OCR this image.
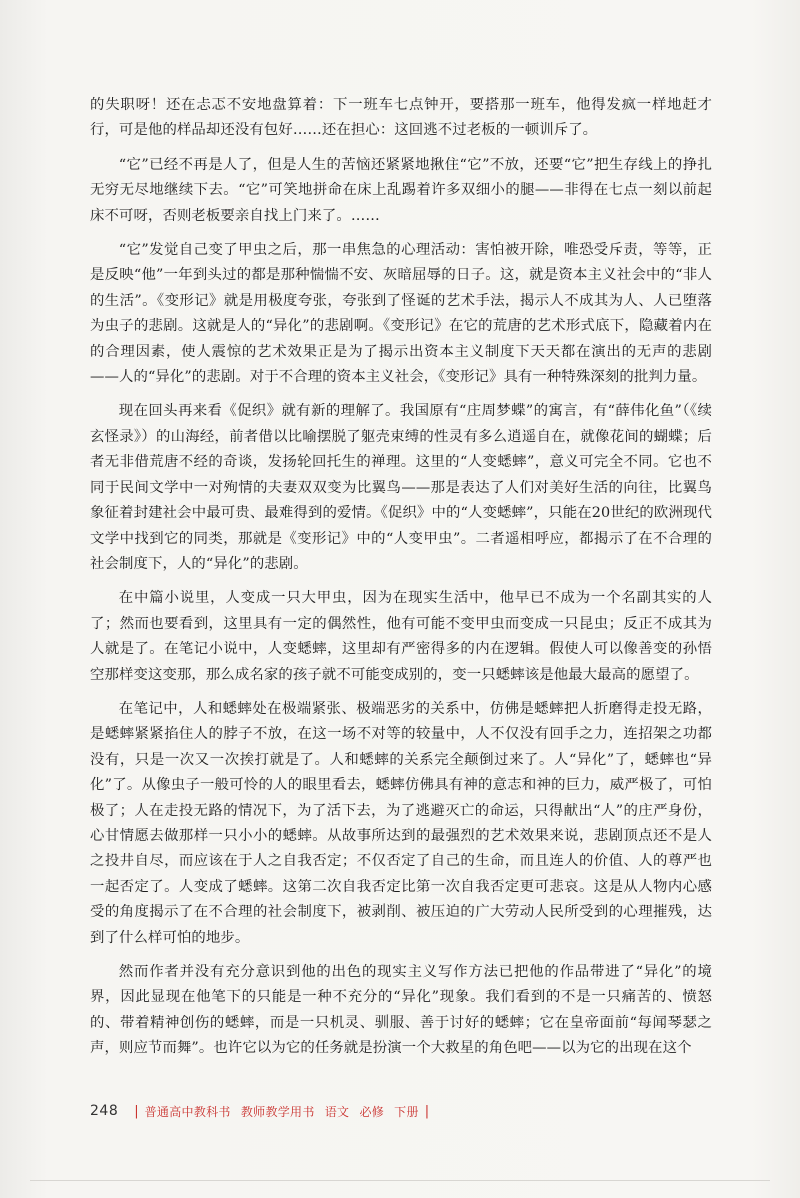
的失职呀！还在忐忑不安地盘算着：下一班车七点钟开，要搭那一班车，他得发疯一样地赶才行，可是他的样品却还没有包好……还在担心：这回逃不过老板的一顿训斥了。

“它”已经不再是人了，但是人生的苦恼还紧紧地揪住“它”不放，还要“它”把生存线上的挣扎无穷无尽地继续下去。“它”可笑地拼命在床上乱踢着许多双细小的腿——非得在七点一刻以前起床不可呀，否则老板要亲自找上门来了。……

“它”发觉自己变了甲虫之后，那一串焦急的心理活动：害怕被开除，唯恐受斥责，等等，正是反映“他”一年到头过的都是那种惴惴不安、灰暗屈辱的日子。这，就是资本主义社会中的“非人的生活”。《变形记》就是用极度夸张，夸张到了怪诞的艺术手法，揭示人不成其为人、人已堕落为虫子的悲剧。这就是人的“异化”的悲剧啊。《变形记》在它的荒唐的艺术形式底下，隐藏着内在的合理因素，使人震惊的艺术效果正是为了揭示出资本主义制度下天天都在演出的无声的悲剧——人的“异化”的悲剧。对于不合理的资本主义社会，《变形记》具有一种特殊深刻的批判力量。

现在回头再来看《促织》就有新的理解了。我国原有“庄周梦蝶”的寓言，有“薛伟化鱼”（《续玄怪录》）的山海经，前者借以比喻摆脱了躯壳束缚的性灵有多么逍遥自在，就像花间的蝴蝶；后者无非借荒唐不经的奇谈，发扬轮回托生的禅理。这里的“人变蟋蟀”，意义可完全不同。它也不同于民间文学中一对殉情的夫妻双双变为比翼鸟——那是表达了人们对美好生活的向往，比翼鸟象征着封建社会中最可贵、最难得到的爱情。《促织》中的“人变蟋蟀”，只能在20世纪的欧洲现代文学中找到它的同类，那就是《变形记》中的“人变甲虫”。二者遥相呼应，都揭示了在不合理的社会制度下，人的“异化”的悲剧。

在中篇小说里，人变成一只大甲虫，因为在现实生活中，他早已不成为一个名副其实的人了；然而也要看到，这里具有一定的偶然性，他有可能不变甲虫而变成一只昆虫；反正不成其为人就是了。在笔记小说中，人变蟋蟀，这里却有严密得多的内在逻辑。假使人可以像善变的孙悟空那样变这变那，那么成名家的孩子就不可能变成别的，变一只蟋蟀该是他最大最高的愿望了。

在笔记中，人和蟋蟀处在极端紧张、极端恶劣的关系中，仿佛是蟋蟀把人折磨得走投无路，是蟋蟀紧紧掐住人的脖子不放，在这一场不对等的较量中，人不仅没有回手之力，连招架之功都没有，只是一次又一次挨打就是了。人和蟋蟀的关系完全颠倒过来了。人“异化”了，蟋蟀也“异化”了。从像虫子一般可怜的人的眼里看去，蟋蟀仿佛具有神的意志和神的巨力，威严极了，可怕极了；人在走投无路的情况下，为了活下去，为了逃避灭亡的命运，只得献出“人”的庄严身份，心甘情愿去做那样一只小小的蟋蟀。从故事所达到的最强烈的艺术效果来说，悲剧顶点还不是人之投井自尽，而应该在于人之自我否定；不仅否定了自己的生命，而且连人的价值、人的尊严也一起否定了。人变成了蟋蟀。这第二次自我否定比第一次自我否定更可悲哀。这是从人物内心感受的角度揭示了在不合理的社会制度下，被剥削、被压迫的广大劳动人民所受到的心理摧残，达到了什么样可怕的地步。

然而作者并没有充分意识到他的出色的现实主义写作方法已把他的作品带进了“异化”的境界，因此显现在他笔下的只能是一种不充分的“异化”现象。我们看到的不是一只痛苦的、愤怒的、带着精神创伤的蟋蟀，而是一只机灵、驯服、善于讨好的蟋蟀；它在皇帝面前“每闻琴瑟之声，则应节而舞”。也许它以为它的任务就是扮演一个大救星的角色吧——以为它的出现在这个

248 | 普通高中教科书 教师教学用书 语文 必修 下册 |
